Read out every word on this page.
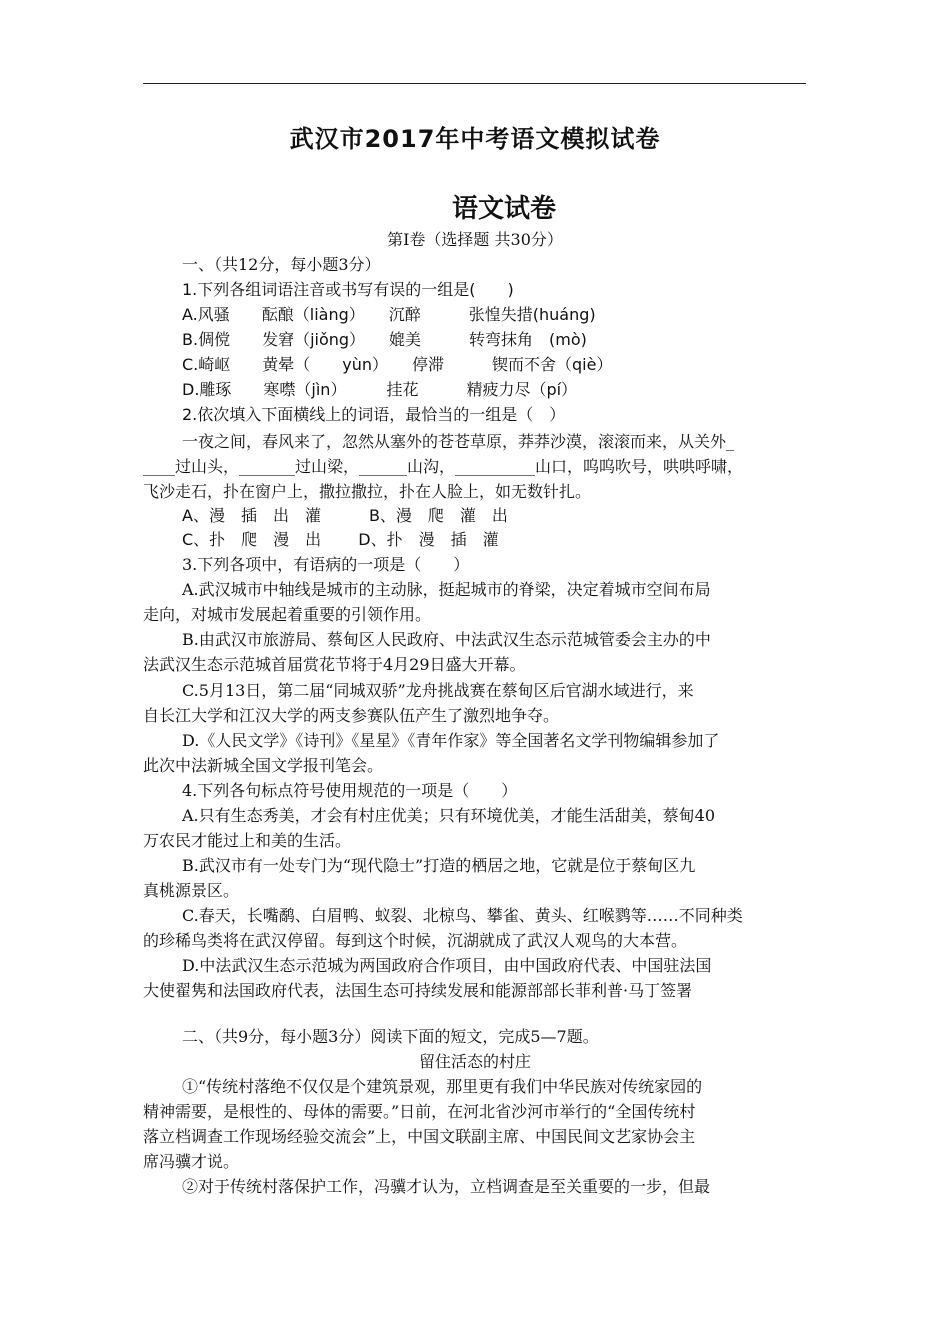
武汉市2017年中考语文模拟试卷
语文试卷
第Ⅰ卷（选择题 共30分）
一、（共12分，每小题3分）
1.下列各组词语注音或书写有误的一组是(　　)
A.风骚　　酝酿（liàng）　　沉醉　　　张惶失措(huáng)
B.倜傥　　发窘（jiǒng）　　媲美　　　转弯抹角　(mò)
C.崎岖　　黄晕（　　yùn）　　停滞　　　锲而不舍（qiè）
D.雕琢　　寒噤（jìn）　　　挂花　　　精疲力尽（pí）
2.依次填入下面横线上的词语，最恰当的一组是（　）
一夜之间，春风来了，忽然从塞外的苍苍草原，莽莽沙漠，滚滚而来，从关外_
____过山头，_______过山梁，______山沟，__________山口，呜呜吹号，哄哄呼啸，
飞沙走石，扑在窗户上，撒拉撒拉，扑在人脸上，如无数针扎。
A、漫　插　出　灌　　　B、漫　爬　灌　出
C、扑　爬　漫　出　　 D、扑　漫　插　灌
3.下列各项中，有语病的一项是（　　）
A.武汉城市中轴线是城市的主动脉，挺起城市的脊梁，决定着城市空间布局
走向，对城市发展起着重要的引领作用。
B.由武汉市旅游局、蔡甸区人民政府、中法武汉生态示范城管委会主办的中
法武汉生态示范城首届赏花节将于4月29日盛大开幕。
C.5月13日，第二届“同城双骄”龙舟挑战赛在蔡甸区后官湖水域进行，来
自长江大学和江汉大学的两支参赛队伍产生了激烈地争夺。
D.《人民文学》《诗刊》《星星》《青年作家》等全国著名文学刊物编辑参加了
此次中法新城全国文学报刊笔会。
4.下列各句标点符号使用规范的一项是（　　）
A.只有生态秀美，才会有村庄优美；只有环境优美，才能生活甜美，蔡甸40
万农民才能过上和美的生活。
B.武汉市有一处专门为“现代隐士”打造的栖居之地，它就是位于蔡甸区九
真桃源景区。
C.春天，长嘴鹬、白眉鸭、蚁裂、北椋鸟、攀雀、黄头、红喉鹨等……不同种类
的珍稀鸟类将在武汉停留。每到这个时候，沉湖就成了武汉人观鸟的大本营。
D.中法武汉生态示范城为两国政府合作项目，由中国政府代表、中国驻法国
大使翟隽和法国政府代表，法国生态可持续发展和能源部部长菲利普·马丁签署
二、（共9分，每小题3分）阅读下面的短文，完成5—7题。
留住活态的村庄
①“传统村落绝不仅仅是个建筑景观，那里更有我们中华民族对传统家园的
精神需要，是根性的、母体的需要。”日前，在河北省沙河市举行的“全国传统村
落立档调查工作现场经验交流会”上，中国文联副主席、中国民间文艺家协会主
席冯骥才说。
②对于传统村落保护工作，冯骥才认为，立档调查是至关重要的一步，但最
